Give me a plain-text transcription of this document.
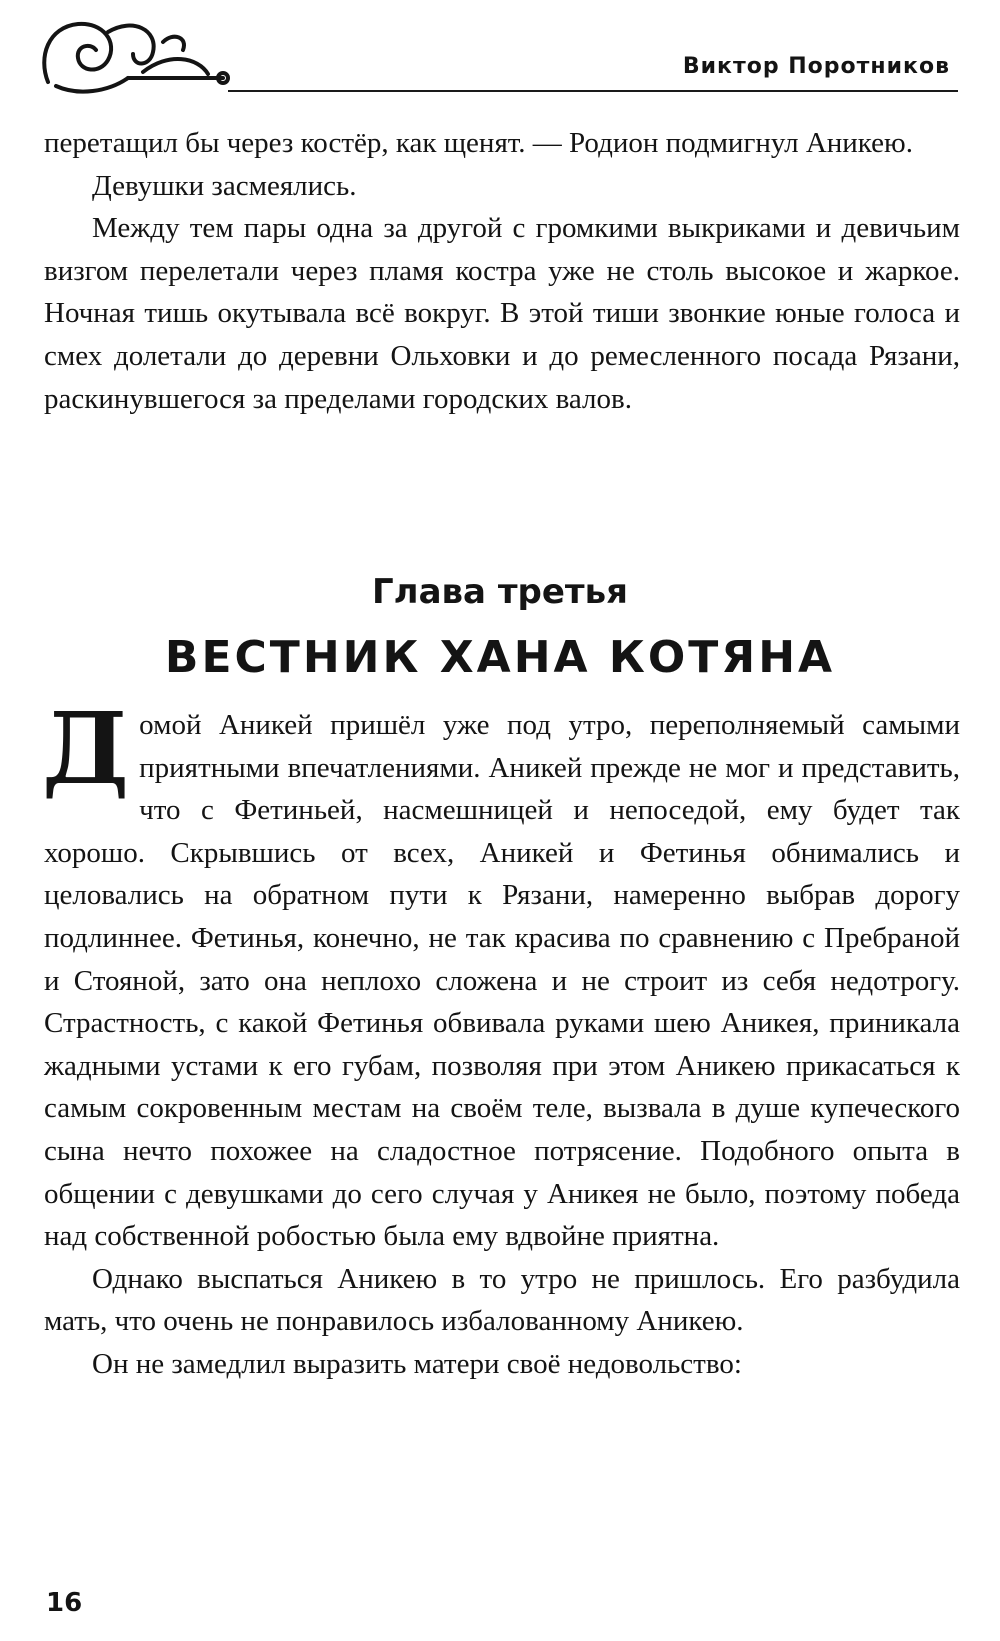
Виктор Поротников

перетащил бы через костёр, как щенят. — Родион подмигнул Аникею.

Девушки засмеялись.

Между тем пары одна за другой с громкими выкриками и девичьим визгом перелетали через пламя костра уже не столь высокое и жаркое. Ночная тишь окутывала всё вокруг. В этой тиши звонкие юные голоса и смех долетали до деревни Ольховки и до ремесленного посада Рязани, раскинувшегося за пределами городских валов.

Глава третья
ВЕСТНИК ХАНА КОТЯНА

Домой Аникей пришёл уже под утро, переполняемый самыми приятными впечатлениями. Аникей прежде не мог и представить, что с Фетиньей, насмешницей и непоседой, ему будет так хорошо. Скрывшись от всех, Аникей и Фетинья обнимались и целовались на обратном пути к Рязани, намеренно выбрав дорогу подлиннее. Фетинья, конечно, не так красива по сравнению с Пребраной и Стояной, зато она неплохо сложена и не строит из себя недотрогу. Страстность, с какой Фетинья обвивала руками шею Аникея, приникала жадными устами к его губам, позволяя при этом Аникею прикасаться к самым сокровенным местам на своём теле, вызвала в душе купеческого сына нечто похожее на сладостное потрясение. Подобного опыта в общении с девушками до сего случая у Аникея не было, поэтому победа над собственной робостью была ему вдвойне приятна.

Однако выспаться Аникею в то утро не пришлось. Его разбудила мать, что очень не понравилось избалованному Аникею.

Он не замедлил выразить матери своё недовольство:

16
